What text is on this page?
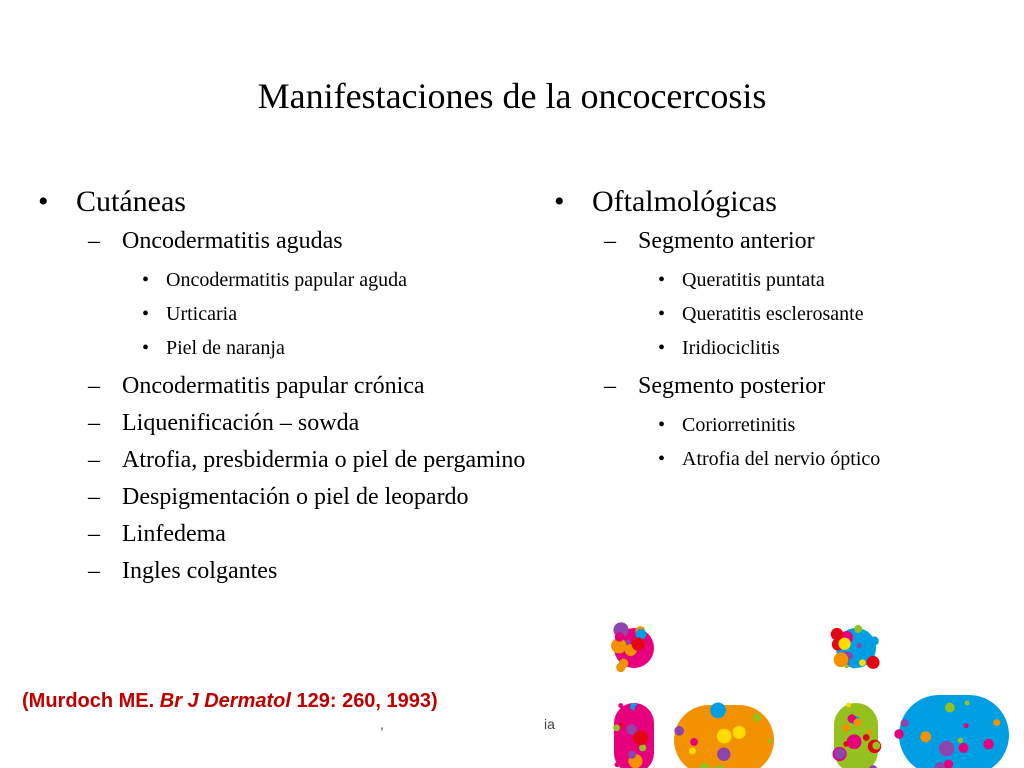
Manifestaciones de la oncocercosis
• Cutáneas
– Oncodermatitis agudas
• Oncodermatitis papular aguda
• Urticaria
• Piel de naranja
– Oncodermatitis papular crónica
– Liquenificación – sowda
– Atrofia, presbidermia o piel de pergamino
– Despigmentación o piel de leopardo
– Linfedema
– Ingles colgantes
• Oftalmológicas
– Segmento anterior
• Queratitis puntata
• Queratitis esclerosante
• Iridiociclitis
– Segmento posterior
• Coriorretinitis
• Atrofia del nervio óptico
(Murdoch ME. Br J Dermatol 129: 260, 1993)
,	ia
